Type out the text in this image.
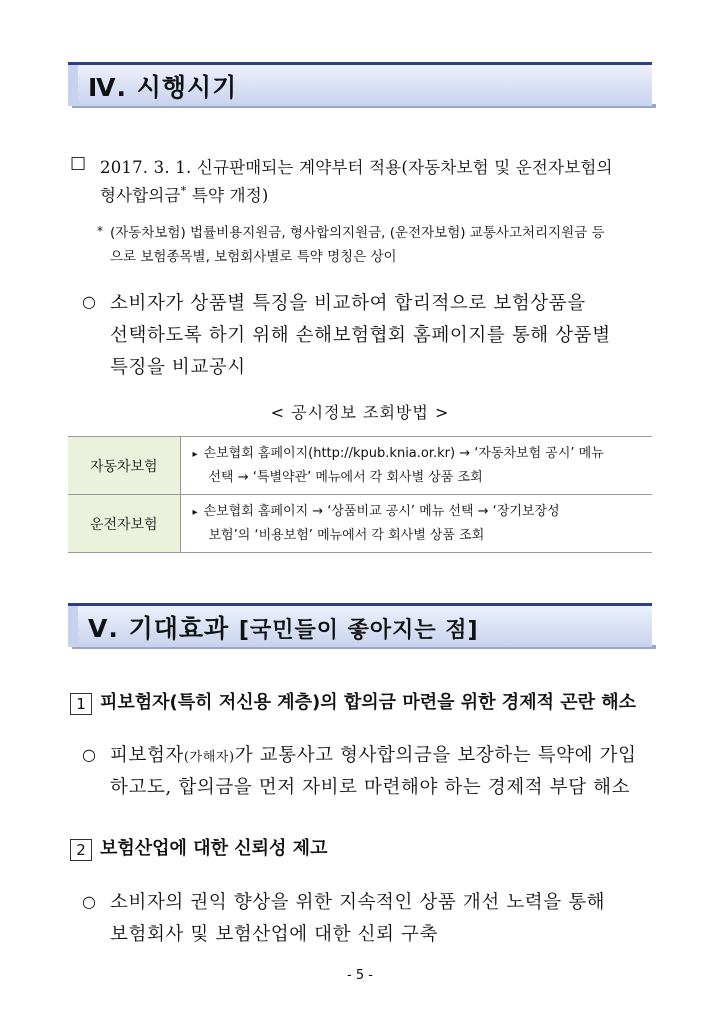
Ⅳ. 시행시기
□ 2017. 3. 1. 신규판매되는 계약부터 적용(자동차보험 및 운전자보험의
형사합의금* 특약 개정)
* (자동차보험) 법률비용지원금, 형사합의지원금, (운전자보험) 교통사고처리지원금 등
으로 보험종목별, 보험회사별로 특약 명칭은 상이
○ 소비자가 상품별 특징을 비교하여 합리적으로 보험상품을
선택하도록 하기 위해 손해보험협회 홈페이지를 통해 상품별
특징을 비교공시
< 공시정보 조회방법 >
자동차보험	▸ 손보협회 홈페이지(http://kpub.knia.or.kr) → ‘자동차보험 공시’ 메뉴
선택 → ‘특별약관’ 메뉴에서 각 회사별 상품 조회

운전자보험	▸ 손보협회 홈페이지 → ‘상품비교 공시’ 메뉴 선택 → ‘장기보장성
보험’의 ‘비용보험’ 메뉴에서 각 회사별 상품 조회
Ⅴ. 기대효과 [국민들이 좋아지는 점]
1 피보험자(특히 저신용 계층)의 합의금 마련을 위한 경제적 곤란 해소
○ 피보험자(가해자)가 교통사고 형사합의금을 보장하는 특약에 가입
하고도, 합의금을 먼저 자비로 마련해야 하는 경제적 부담 해소
2 보험산업에 대한 신뢰성 제고
○ 소비자의 권익 향상을 위한 지속적인 상품 개선 노력을 통해
보험회사 및 보험산업에 대한 신뢰 구축
- 5 -
